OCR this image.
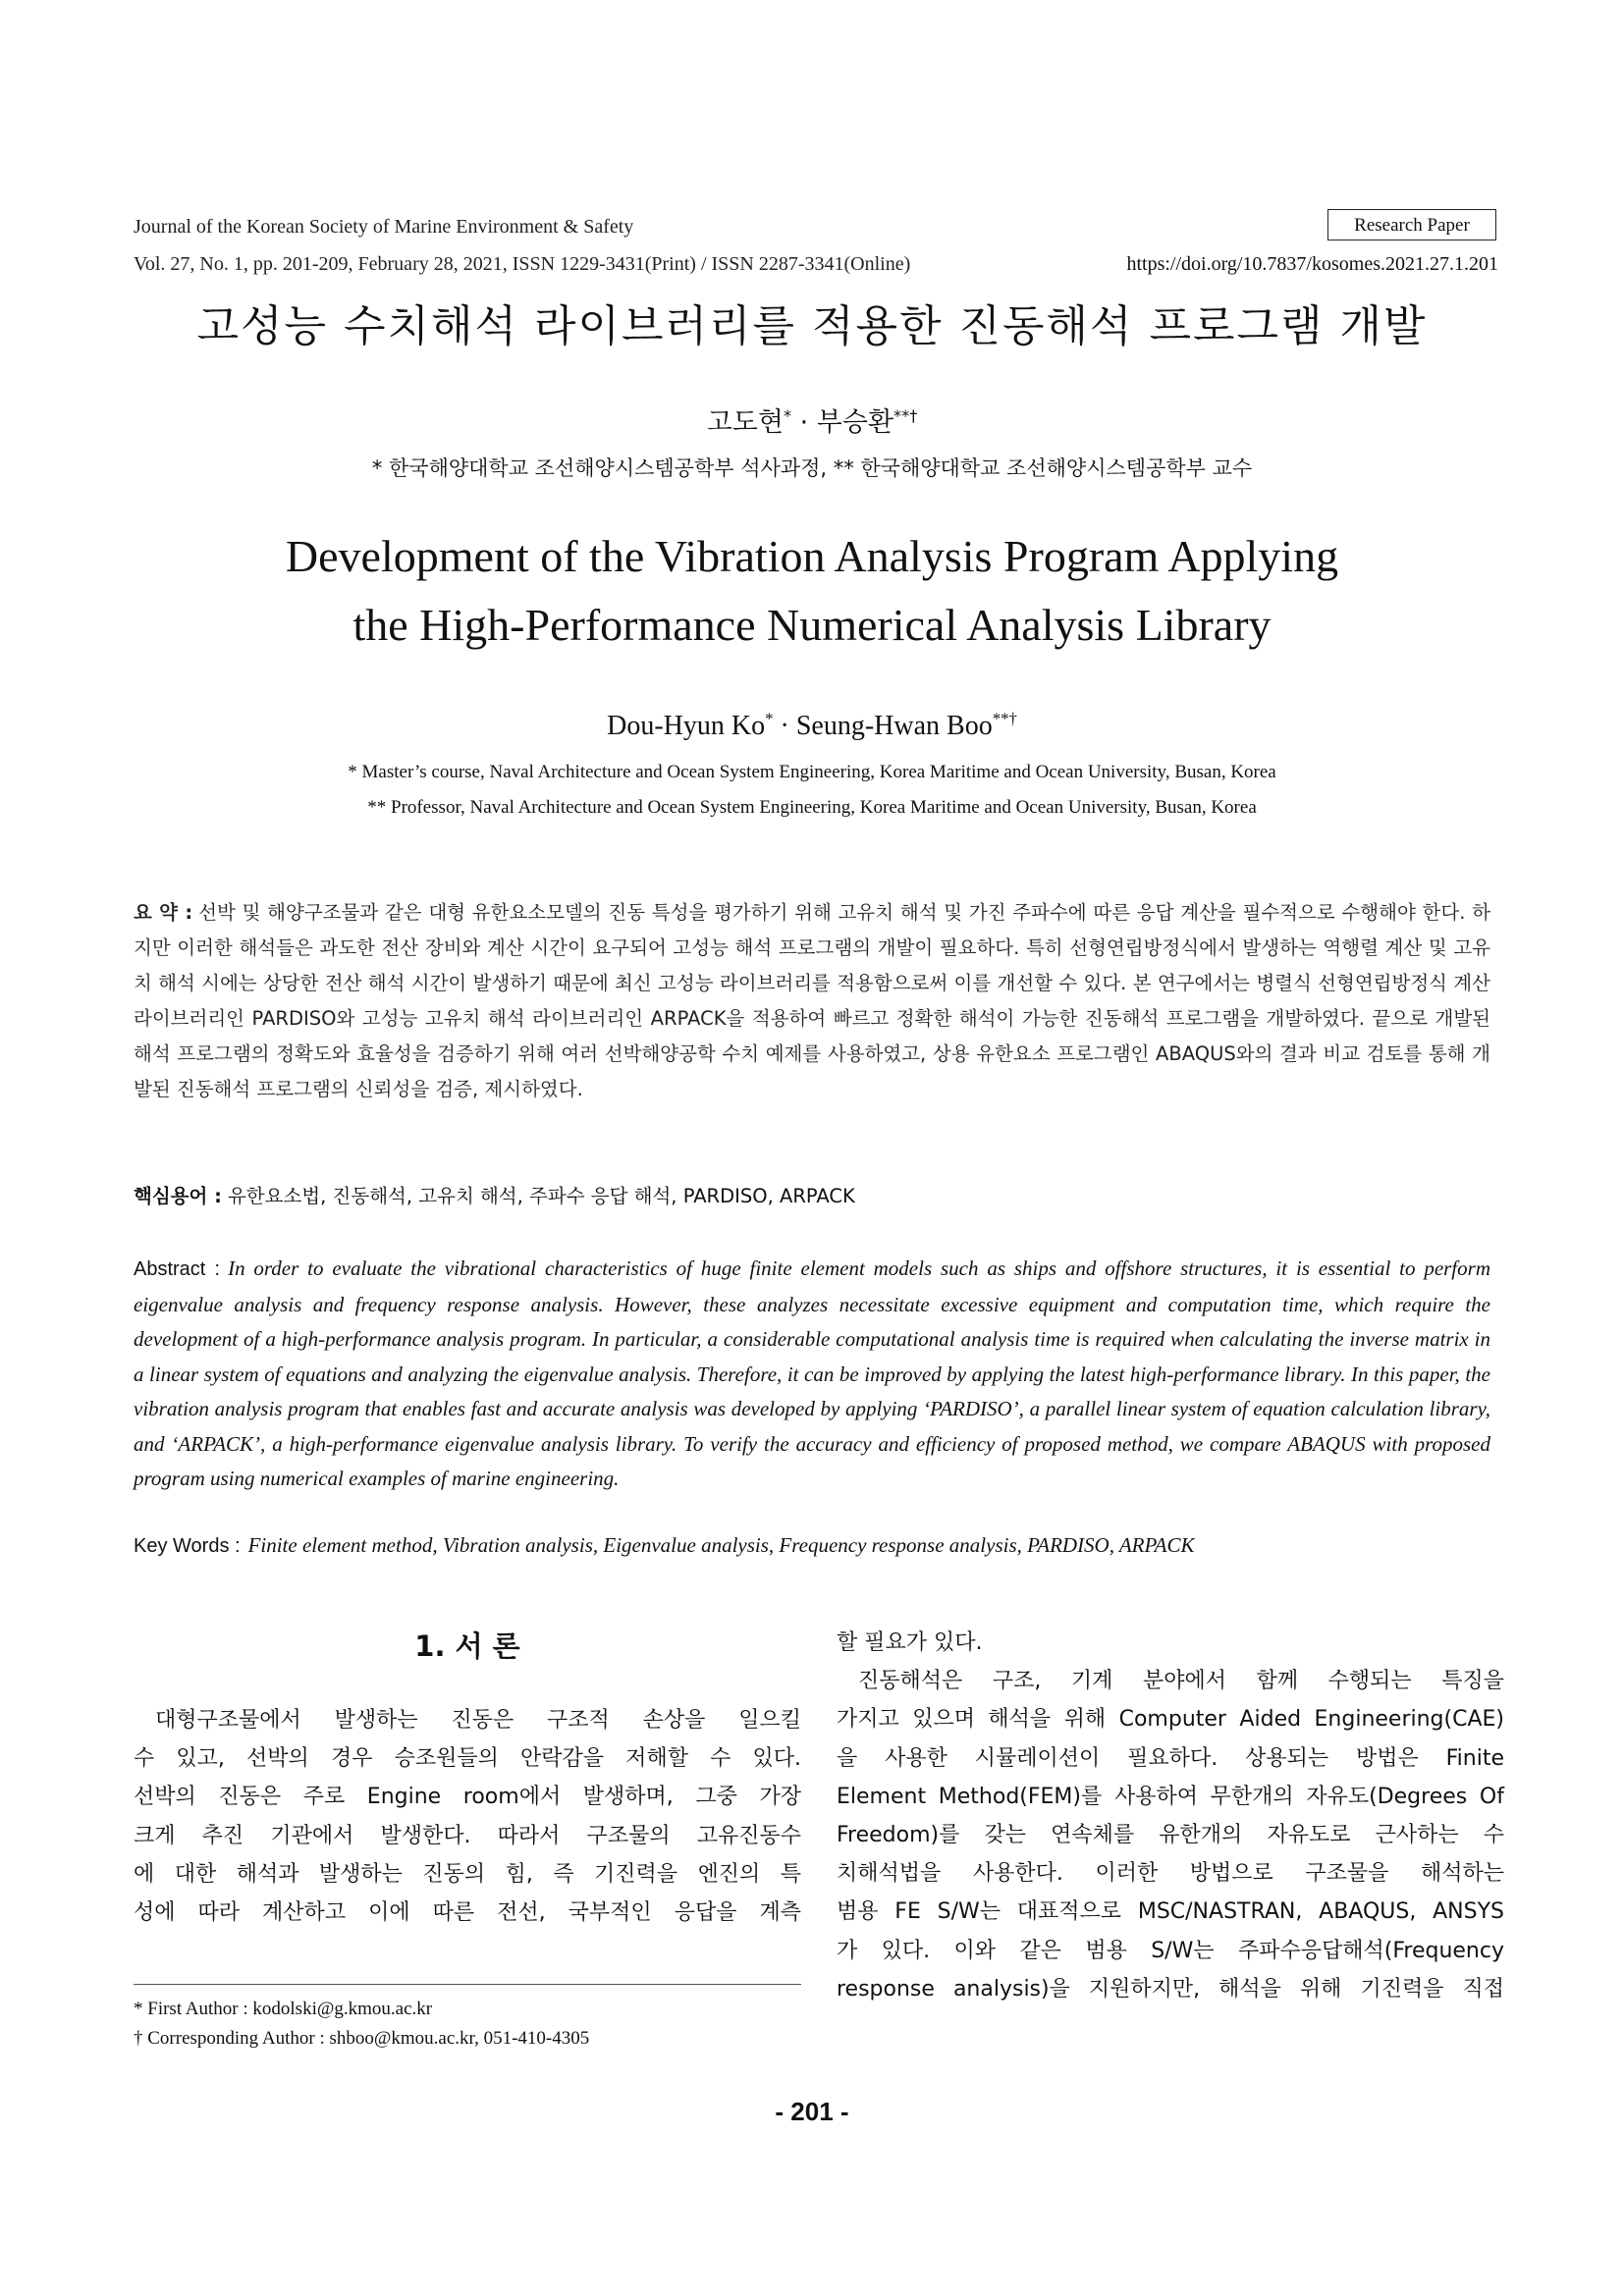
Journal of the Korean Society of Marine Environment & Safety
Vol. 27, No. 1, pp. 201-209, February 28, 2021, ISSN 1229-3431(Print) / ISSN 2287-3341(Online)
Research Paper
https://doi.org/10.7837/kosomes.2021.27.1.201
고성능 수치해석 라이브러리를 적용한 진동해석 프로그램 개발
고도현* · 부승환**†
* 한국해양대학교 조선해양시스템공학부 석사과정, ** 한국해양대학교 조선해양시스템공학부 교수
Development of the Vibration Analysis Program Applying
the High-Performance Numerical Analysis Library
Dou-Hyun Ko* · Seung-Hwan Boo**†
* Master’s course, Naval Architecture and Ocean System Engineering, Korea Maritime and Ocean University, Busan, Korea
** Professor, Naval Architecture and Ocean System Engineering, Korea Maritime and Ocean University, Busan, Korea
요 약 : 선박 및 해양구조물과 같은 대형 유한요소모델의 진동 특성을 평가하기 위해 고유치 해석 및 가진 주파수에 따른 응답 계산을 필수적으로 수행해야 한다. 하지만 이러한 해석들은 과도한 전산 장비와 계산 시간이 요구되어 고성능 해석 프로그램의 개발이 필요하다. 특히 선형연립방정식에서 발생하는 역행렬 계산 및 고유치 해석 시에는 상당한 전산 해석 시간이 발생하기 때문에 최신 고성능 라이브러리를 적용함으로써 이를 개선할 수 있다. 본 연구에서는 병렬식 선형연립방정식 계산 라이브러리인 PARDISO와 고성능 고유치 해석 라이브러리인 ARPACK을 적용하여 빠르고 정확한 해석이 가능한 진동해석 프로그램을 개발하였다. 끝으로 개발된 해석 프로그램의 정확도와 효율성을 검증하기 위해 여러 선박해양공학 수치 예제를 사용하였고, 상용 유한요소 프로그램인 ABAQUS와의 결과 비교 검토를 통해 개발된 진동해석 프로그램의 신뢰성을 검증, 제시하였다.
핵심용어 : 유한요소법, 진동해석, 고유치 해석, 주파수 응답 해석, PARDISO, ARPACK
Abstract : In order to evaluate the vibrational characteristics of huge finite element models such as ships and offshore structures, it is essential to perform eigenvalue analysis and frequency response analysis. However, these analyzes necessitate excessive equipment and computation time, which require the development of a high-performance analysis program. In particular, a considerable computational analysis time is required when calculating the inverse matrix in a linear system of equations and analyzing the eigenvalue analysis. Therefore, it can be improved by applying the latest high-performance library. In this paper, the vibration analysis program that enables fast and accurate analysis was developed by applying ‘PARDISO’, a parallel linear system of equation calculation library, and ‘ARPACK’, a high-performance eigenvalue analysis library. To verify the accuracy and efficiency of proposed method, we compare ABAQUS with proposed program using numerical examples of marine engineering.
Key Words : Finite element method, Vibration analysis, Eigenvalue analysis, Frequency response analysis, PARDISO, ARPACK
1. 서 론
대형구조물에서 발생하는 진동은 구조적 손상을 일으킬
수 있고, 선박의 경우 승조원들의 안락감을 저해할 수 있다.
선박의 진동은 주로 Engine room에서 발생하며, 그중 가장
크게 추진 기관에서 발생한다. 따라서 구조물의 고유진동수
에 대한 해석과 발생하는 진동의 힘, 즉 기진력을 엔진의 특
성에 따라 계산하고 이에 따른 전선, 국부적인 응답을 계측
할 필요가 있다.
진동해석은 구조, 기계 분야에서 함께 수행되는 특징을
가지고 있으며 해석을 위해 Computer Aided Engineering(CAE)
을 사용한 시뮬레이션이 필요하다. 상용되는 방법은 Finite
Element Method(FEM)를 사용하여 무한개의 자유도(Degrees Of
Freedom)를 갖는 연속체를 유한개의 자유도로 근사하는 수
치해석법을 사용한다. 이러한 방법으로 구조물을 해석하는
범용 FE S/W는 대표적으로 MSC/NASTRAN, ABAQUS, ANSYS
가 있다. 이와 같은 범용 S/W는 주파수응답해석(Frequency
response analysis)을 지원하지만, 해석을 위해 기진력을 직접
* First Author : kodolski@g.kmou.ac.kr
† Corresponding Author : shboo@kmou.ac.kr, 051-410-4305
- 201 -
